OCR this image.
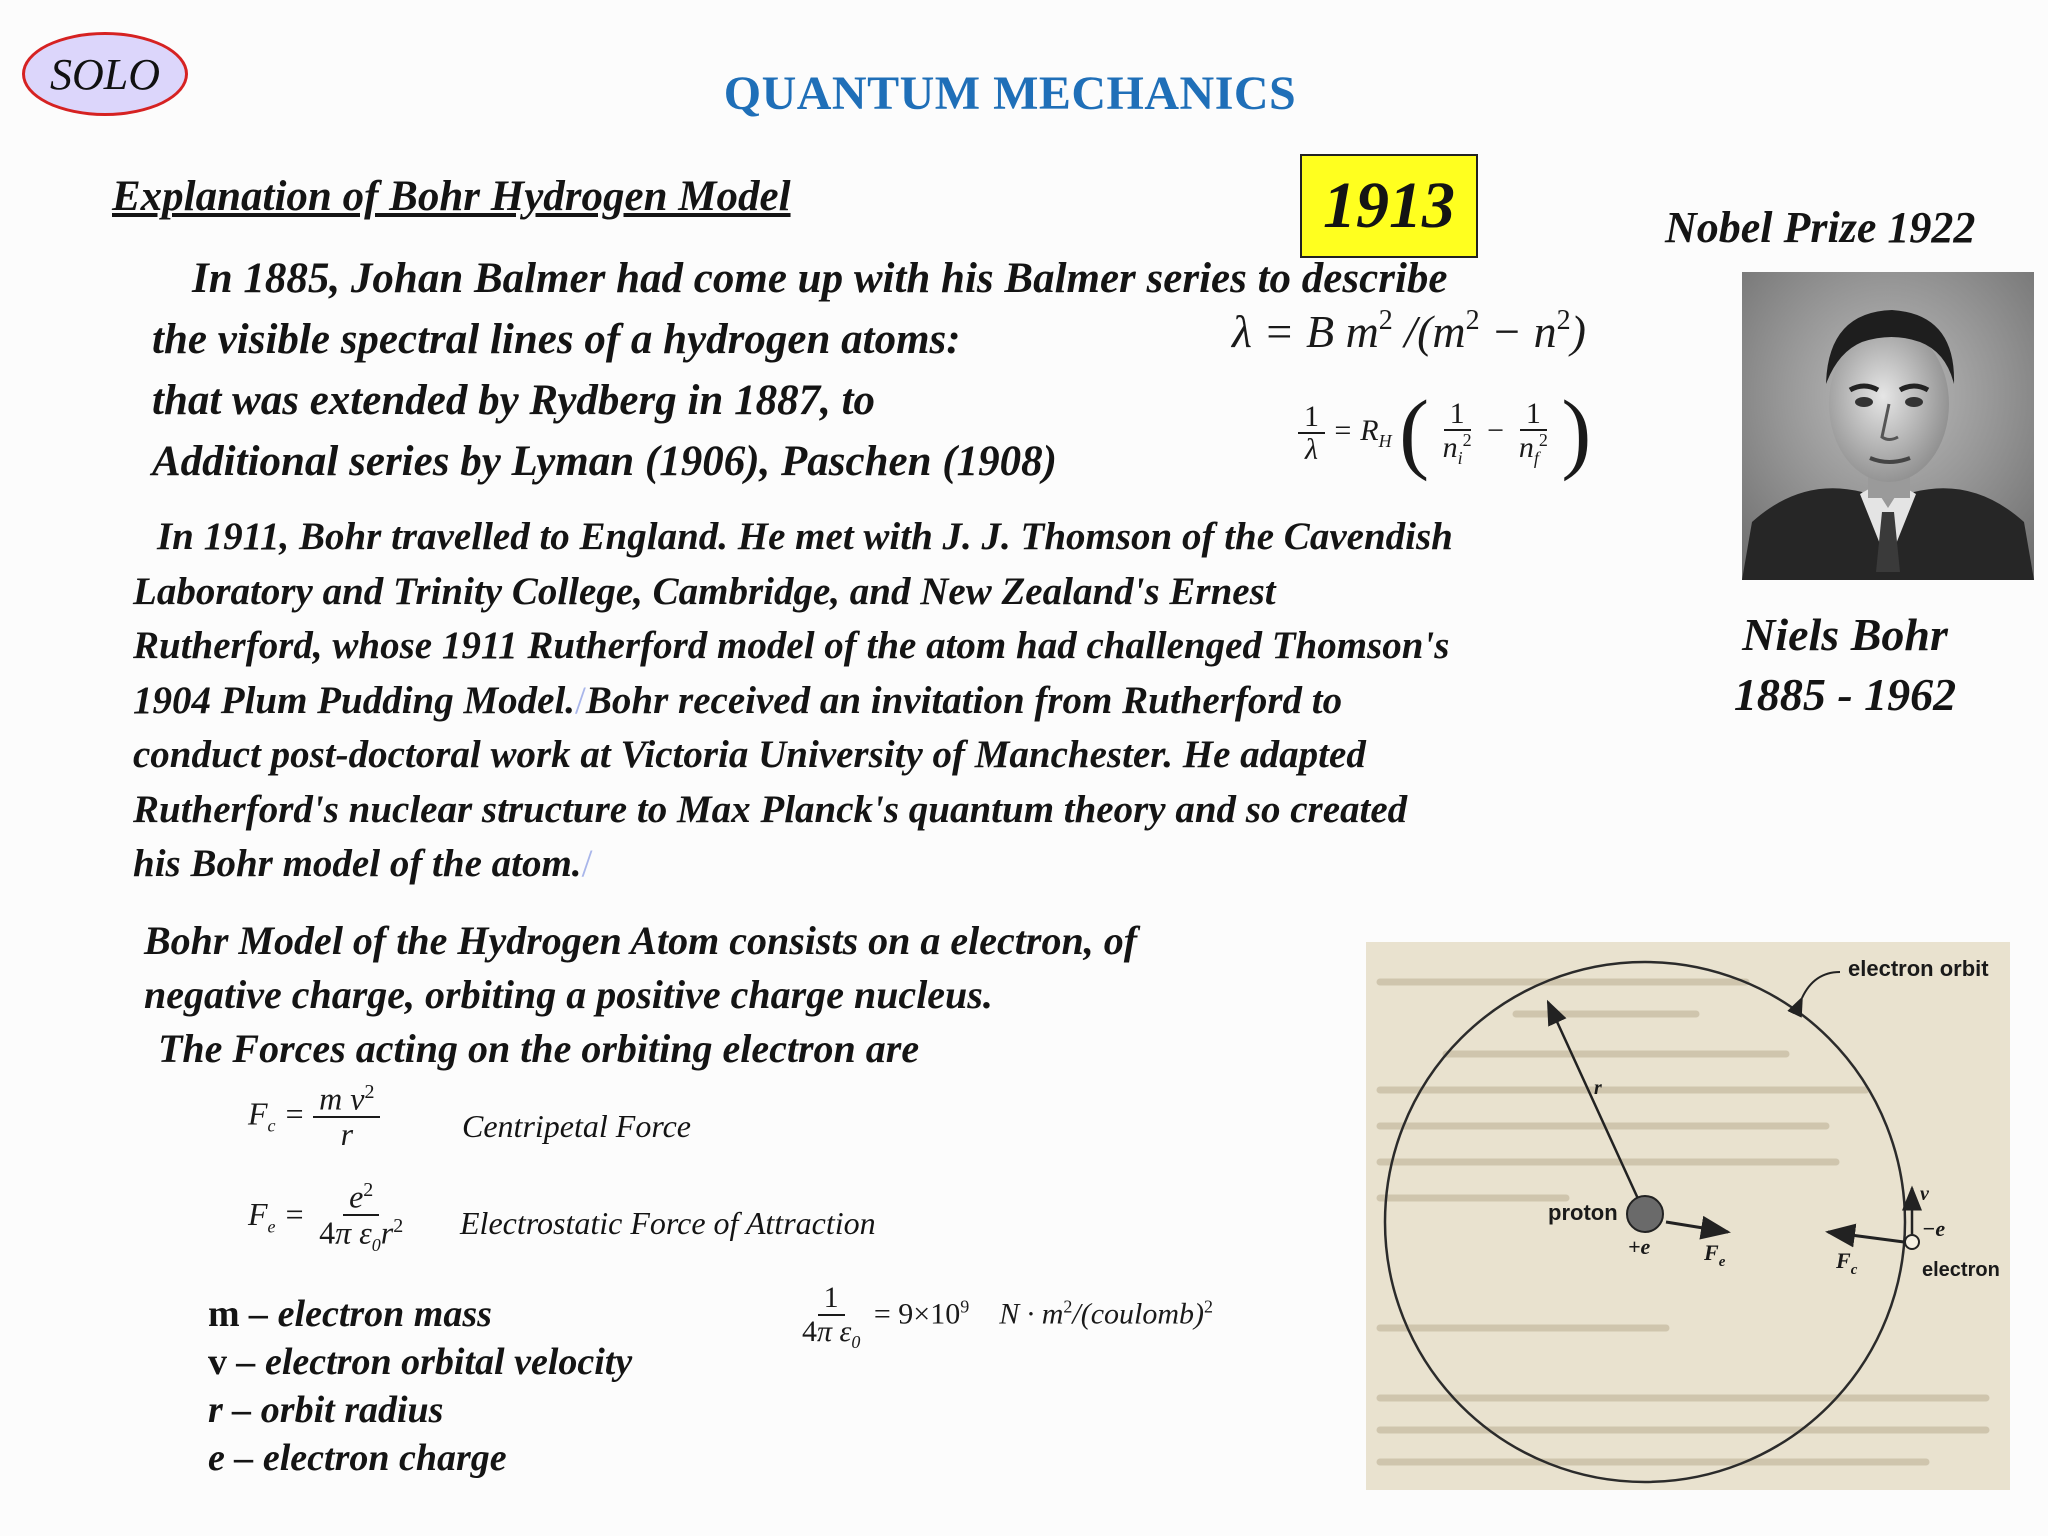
SOLO	QUANTUM MECHANICS
Explanation of Bohr Hydrogen Model	1913	Nobel Prize 1922
Niels Bohr
1885 - 1962
In 1885, Johan Balmer had come up with his Balmer series to describe
the visible spectral lines of a hydrogen atoms:
that was extended by Rydberg in 1887, to
Additional series by Lyman (1906), Paschen (1908)
λ = B $m^2$ $/(m^2 - n^2)$
$\frac{1}{\lambda} = R_H$ ( $\frac{1}{n_i^2} - \frac{1}{n_f^2}$ )
In 1911, Bohr travelled to England. He met with J. J. Thomson of the Cavendish
Laboratory and Trinity College, Cambridge, and New Zealand's Ernest
Rutherford, whose 1911 Rutherford model of the atom had challenged Thomson's
1904 Plum Pudding Model./Bohr received an invitation from Rutherford to
conduct post-doctoral work at Victoria University of Manchester. He adapted
Rutherford's nuclear structure to Max Planck's quantum theory and so created
his Bohr model of the atom./
Bohr Model of the Hydrogen Atom consists on a electron, of
negative charge, orbiting a positive charge nucleus.
The Forces acting on the orbiting electron are
$F_c = \frac{m v^2}{r}$	Centripetal Force
$F_e = \frac{e^2}{4\pi \varepsilon_0r^2}$ Electrostatic Force of Attraction
m – electron mass
v – electron orbital velocity
r – orbit radius
e – electron charge
$\frac{1}{4\pi \varepsilon_0} = 9\times 10^9$ $N \cdot m^2/(coulomb)^2$
electron orbit
r
proton
+e $F_e$	$F_c$
v
−e
electron
